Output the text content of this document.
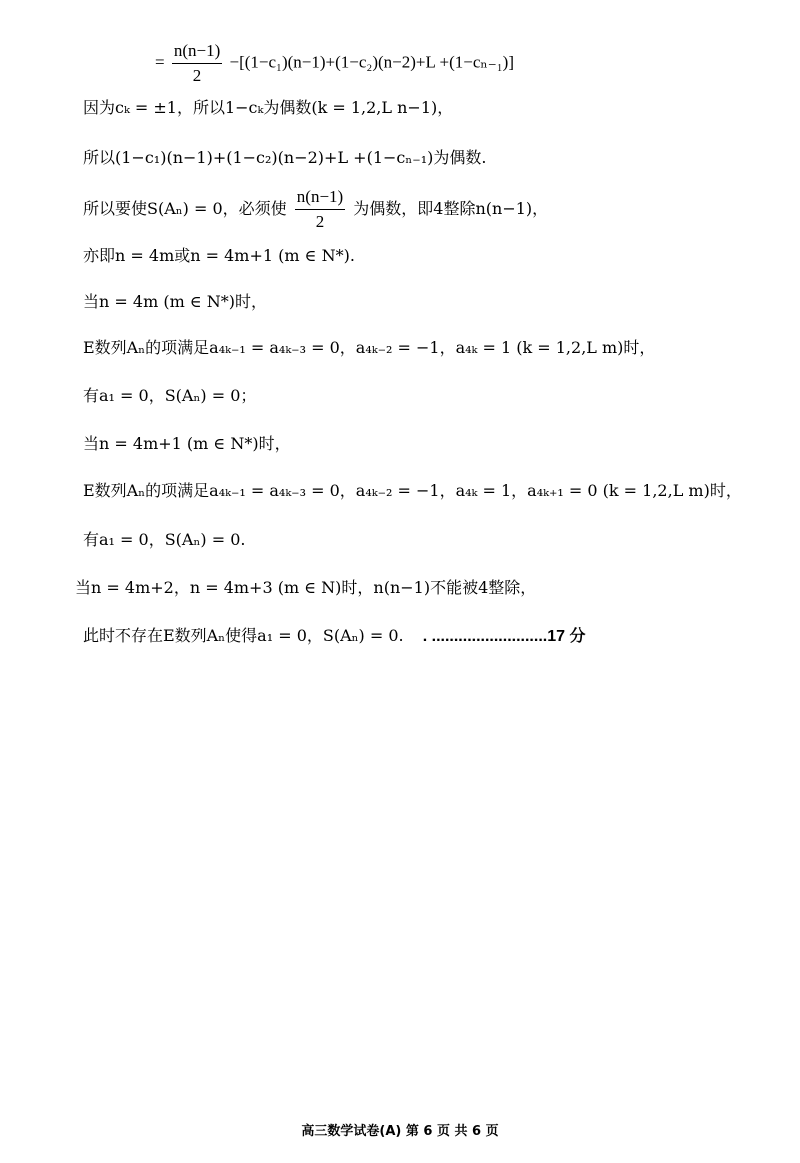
= $\frac{n(n-1)}{2} -[(1-c_1)(n-1)+(1-c_2)(n-2)+L +(1-c_{n-1})]$
因为cₖ = ±1，所以1−cₖ为偶数(k = 1,2,L n−1)，
所以(1−c₁)(n−1)+(1−c₂)(n−2)+L +(1−cₙ₋₁)为偶数.
所以要使S(Aₙ) = 0，必须使 $\frac{n(n-1)}{2}$ 为偶数，即4整除n(n−1)，
亦即n = 4m或n = 4m+1 (m ∈ N*).
当n = 4m (m ∈ N*)时，
E数列Aₙ的项满足a₄ₖ₋₁ = a₄ₖ₋₃ = 0，a₄ₖ₋₂ = −1，a₄ₖ = 1 (k = 1,2,L m)时，
有a₁ = 0，S(Aₙ) = 0；
当n = 4m+1 (m ∈ N*)时，
E数列Aₙ的项满足a₄ₖ₋₁ = a₄ₖ₋₃ = 0，a₄ₖ₋₂ = −1，a₄ₖ = 1，a₄ₖ₊₁ = 0 (k = 1,2,L m)时，
有a₁ = 0，S(Aₙ) = 0.
当n = 4m+2，n = 4m+3 (m ∈ N)时，n(n−1)不能被4整除，
此时不存在E数列Aₙ使得a₁ = 0，S(Aₙ) = 0. . ..........................17 分
高三数学试卷(A) 第 6 页 共 6 页
